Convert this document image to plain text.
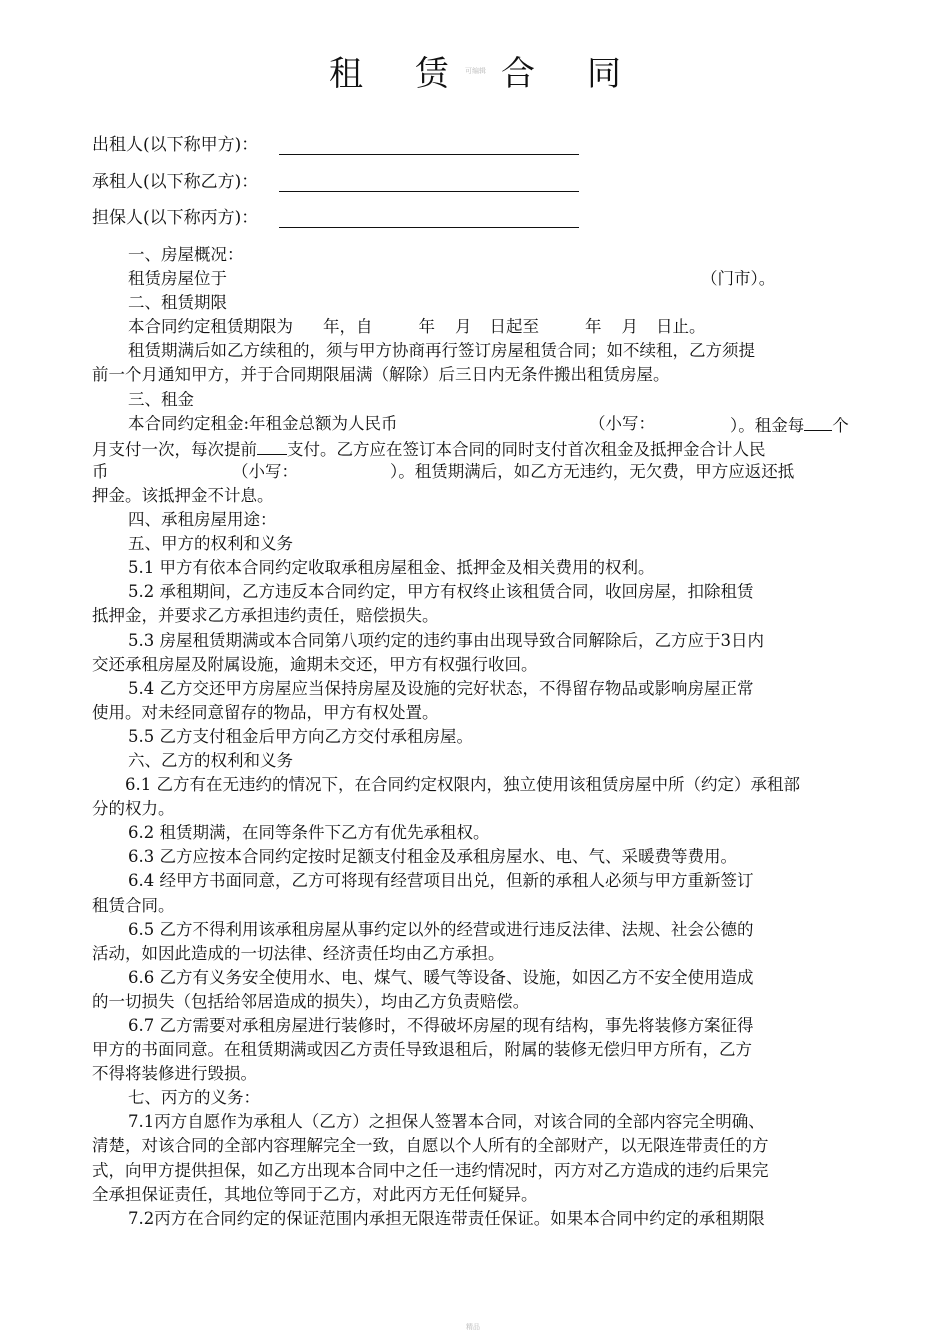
租 赁 合 同
可编辑
出租人(以下称甲方)：
承租人(以下称乙方)：
担保人(以下称丙方)：
一、房屋概况：
租赁房屋位于	（门市）。
二、租赁期限
本合同约定租赁期限为 年，自	年 月 日起至	年 月 日止。
租赁期满后如乙方续租的，须与甲方协商再行签订房屋租赁合同；如不续租，乙方须提
前一个月通知甲方，并于合同期限届满（解除）后三日内无条件搬出租赁房屋。
三、租金
本合同约定租金:年租金总额为人民币	（小写：	）。租金每 个
月支付一次，每次提前 支付。乙方应在签订本合同的同时支付首次租金及抵押金合计人民
币	（小写：	）。租赁期满后，如乙方无违约，无欠费，甲方应返还抵
押金。该抵押金不计息。
四、承租房屋用途：
五、甲方的权利和义务
5.1 甲方有依本合同约定收取承租房屋租金、抵押金及相关费用的权利。
5.2 承租期间，乙方违反本合同约定，甲方有权终止该租赁合同，收回房屋，扣除租赁
抵押金，并要求乙方承担违约责任，赔偿损失。
5.3 房屋租赁期满或本合同第八项约定的违约事由出现导致合同解除后，乙方应于3日内
交还承租房屋及附属设施，逾期未交还，甲方有权强行收回。
5.4 乙方交还甲方房屋应当保持房屋及设施的完好状态，不得留存物品或影响房屋正常
使用。对未经同意留存的物品，甲方有权处置。
5.5 乙方支付租金后甲方向乙方交付承租房屋。
六、乙方的权利和义务
6.1 乙方有在无违约的情况下，在合同约定权限内，独立使用该租赁房屋中所（约定）承租部
分的权力。
6.2 租赁期满，在同等条件下乙方有优先承租权。
6.3 乙方应按本合同约定按时足额支付租金及承租房屋水、电、气、采暖费等费用。
6.4 经甲方书面同意，乙方可将现有经营项目出兑，但新的承租人必须与甲方重新签订
租赁合同。
6.5 乙方不得利用该承租房屋从事约定以外的经营或进行违反法律、法规、社会公德的
活动，如因此造成的一切法律、经济责任均由乙方承担。
6.6 乙方有义务安全使用水、电、煤气、暖气等设备、设施，如因乙方不安全使用造成
的一切损失（包括给邻居造成的损失），均由乙方负责赔偿。
6.7 乙方需要对承租房屋进行装修时，不得破坏房屋的现有结构，事先将装修方案征得
甲方的书面同意。在租赁期满或因乙方责任导致退租后，附属的装修无偿归甲方所有，乙方
不得将装修进行毁损。
七、丙方的义务：
7.1丙方自愿作为承租人（乙方）之担保人签署本合同，对该合同的全部内容完全明确、
清楚，对该合同的全部内容理解完全一致，自愿以个人所有的全部财产，以无限连带责任的方
式，向甲方提供担保，如乙方出现本合同中之任一违约情况时，丙方对乙方造成的违约后果完
全承担保证责任，其地位等同于乙方，对此丙方无任何疑异。
7.2丙方在合同约定的保证范围内承担无限连带责任保证。如果本合同中约定的承租期限
精品
